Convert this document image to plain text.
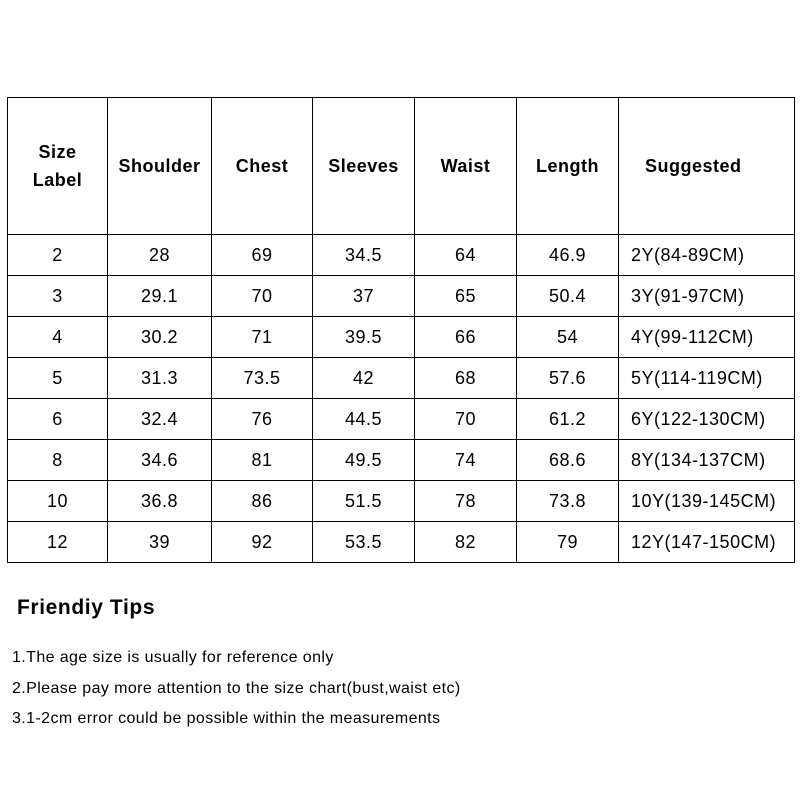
Size Label	Shoulder	Chest	Sleeves	Waist	Length	Suggested
2	28	69	34.5	64	46.9	2Y(84-89CM)
3	29.1	70	37	65	50.4	3Y(91-97CM)
4	30.2	71	39.5	66	54	4Y(99-112CM)
5	31.3	73.5	42	68	57.6	5Y(114-119CM)
6	32.4	76	44.5	70	61.2	6Y(122-130CM)
8	34.6	81	49.5	74	68.6	8Y(134-137CM)
10	36.8	86	51.5	78	73.8	10Y(139-145CM)
12	39	92	53.5	82	79	12Y(147-150CM)
Friendiy Tips
1.The age size is usually for reference only
2.Please pay more attention to the size chart(bust,waist etc)
3.1-2cm error could be possible within the measurements
